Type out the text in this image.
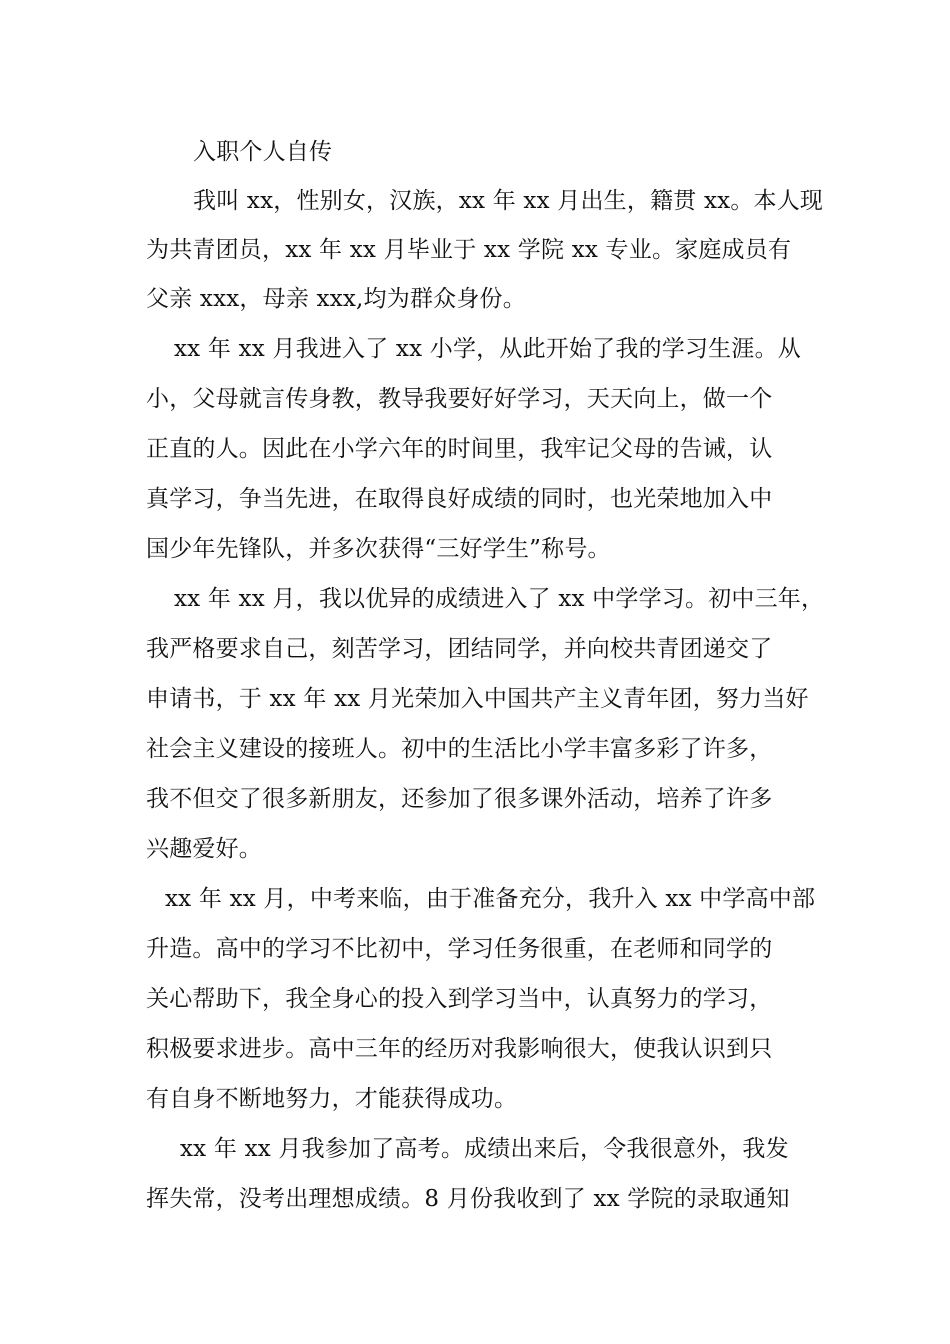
入职个人自传
我叫 xx，性别女，汉族，xx 年 xx 月出生，籍贯 xx。本人现
为共青团员，xx 年 xx 月毕业于 xx 学院 xx 专业。家庭成员有
父亲 xxx，母亲 xxx,均为群众身份。
xx 年 xx 月我进入了 xx 小学，从此开始了我的学习生涯。从
小，父母就言传身教，教导我要好好学习，天天向上，做一个
正直的人。因此在小学六年的时间里，我牢记父母的告诫，认
真学习，争当先进，在取得良好成绩的同时，也光荣地加入中
国少年先锋队，并多次获得“三好学生”称号。
xx 年 xx 月，我以优异的成绩进入了 xx 中学学习。初中三年，
我严格要求自己，刻苦学习，团结同学，并向校共青团递交了
申请书，于 xx 年 xx 月光荣加入中国共产主义青年团，努力当好
社会主义建设的接班人。初中的生活比小学丰富多彩了许多，
我不但交了很多新朋友，还参加了很多课外活动，培养了许多
兴趣爱好。
xx 年 xx 月，中考来临，由于准备充分，我升入 xx 中学高中部
升造。高中的学习不比初中，学习任务很重，在老师和同学的
关心帮助下，我全身心的投入到学习当中，认真努力的学习，
积极要求进步。高中三年的经历对我影响很大，使我认识到只
有自身不断地努力，才能获得成功。
xx 年 xx 月我参加了高考。成绩出来后，令我很意外，我发
挥失常，没考出理想成绩。8 月份我收到了 xx 学院的录取通知
